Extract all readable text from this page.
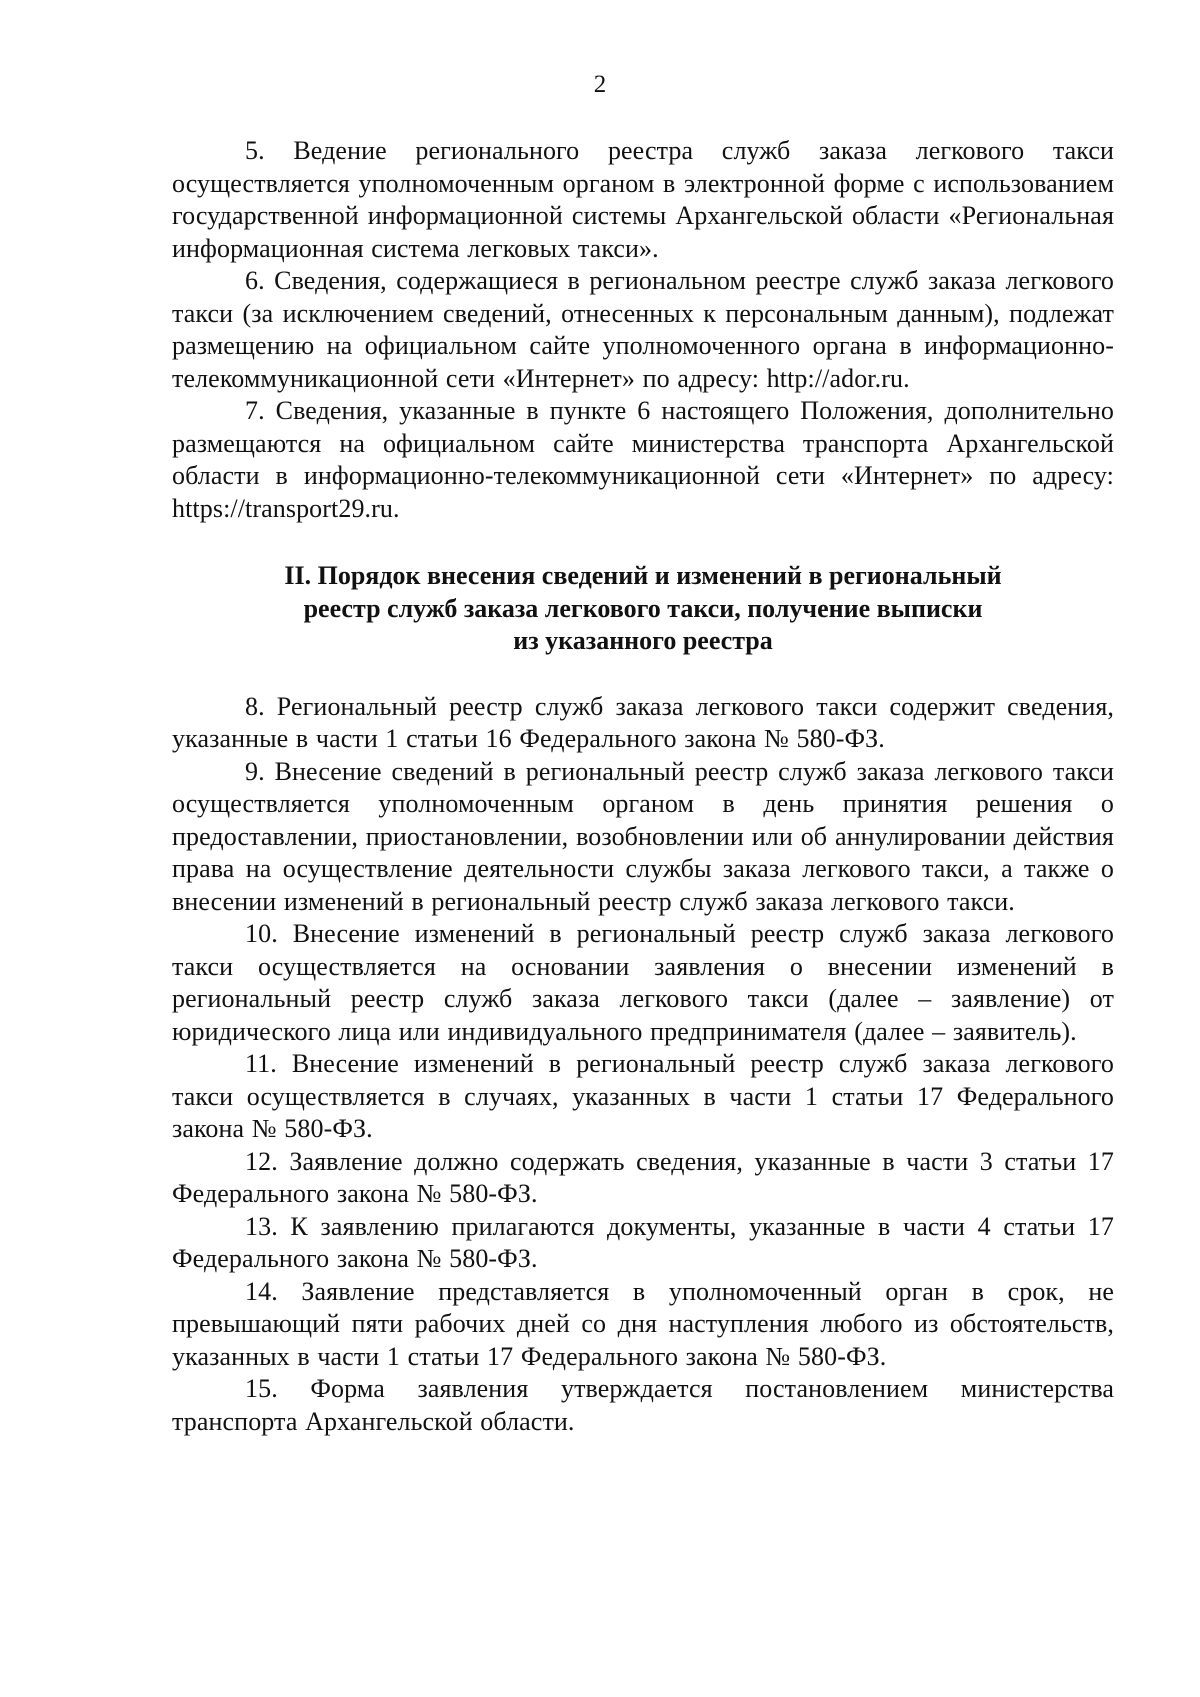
2

5. Ведение регионального реестра служб заказа легкового такси осуществляется уполномоченным органом в электронной форме с использованием государственной информационной системы Архангельской области «Региональная информационная система легковых такси».

6. Сведения, содержащиеся в региональном реестре служб заказа легкового такси (за исключением сведений, отнесенных к персональным данным), подлежат размещению на официальном сайте уполномоченного органа в информационно-телекоммуникационной сети «Интернет» по адресу: http://ador.ru.

7. Сведения, указанные в пункте 6 настоящего Положения, дополнительно размещаются на официальном сайте министерства транспорта Архангельской области в информационно-телекоммуникационной сети «Интернет» по адресу: https://transport29.ru.

II. Порядок внесения сведений и изменений в региональный
реестр служб заказа легкового такси, получение выписки
из указанного реестра

8. Региональный реестр служб заказа легкового такси содержит сведения, указанные в части 1 статьи 16 Федерального закона № 580-ФЗ.

9. Внесение сведений в региональный реестр служб заказа легкового такси осуществляется уполномоченным органом в день принятия решения о предоставлении, приостановлении, возобновлении или об аннулировании действия права на осуществление деятельности службы заказа легкового такси, а также о внесении изменений в региональный реестр служб заказа легкового такси.

10. Внесение изменений в региональный реестр служб заказа легкового такси осуществляется на основании заявления о внесении изменений в региональный реестр служб заказа легкового такси (далее – заявление) от юридического лица или индивидуального предпринимателя (далее – заявитель).

11. Внесение изменений в региональный реестр служб заказа легкового такси осуществляется в случаях, указанных в части 1 статьи 17 Федерального закона № 580-ФЗ.

12. Заявление должно содержать сведения, указанные в части 3 статьи 17 Федерального закона № 580-ФЗ.

13. К заявлению прилагаются документы, указанные в части 4 статьи 17 Федерального закона № 580-ФЗ.

14. Заявление представляется в уполномоченный орган в срок, не превышающий пяти рабочих дней со дня наступления любого из обстоятельств, указанных в части 1 статьи 17 Федерального закона № 580-ФЗ.

15. Форма заявления утверждается постановлением министерства транспорта Архангельской области.
